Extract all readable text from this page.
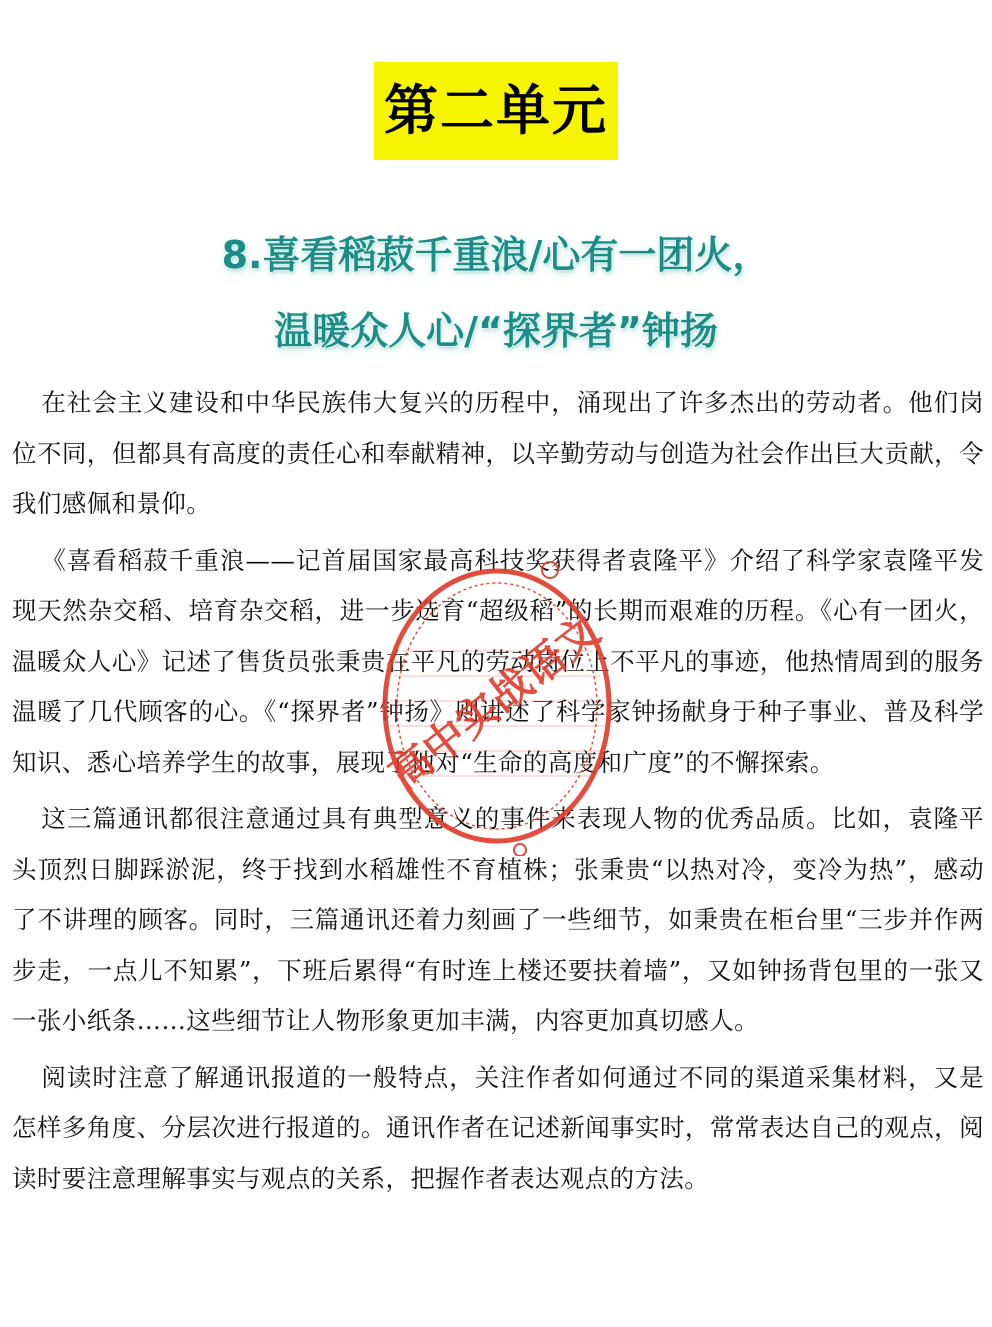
第二单元
8.喜看稻菽千重浪/心有一团火，
温暖众人心/“探界者”钟扬

在社会主义建设和中华民族伟大复兴的历程中，涌现出了许多杰出的劳动者。他们岗位不同，但都具有高度的责任心和奉献精神，以辛勤劳动与创造为社会作出巨大贡献，令我们感佩和景仰。

《喜看稻菽千重浪——记首届国家最高科技奖获得者袁隆平》介绍了科学家袁隆平发现天然杂交稻、培育杂交稻，进一步选育“超级稻”的长期而艰难的历程。《心有一团火，温暖众人心》记述了售货员张秉贵在平凡的劳动岗位上不平凡的事迹，他热情周到的服务温暖了几代顾客的心。《“探界者”钟扬》则讲述了科学家钟扬献身于种子事业、普及科学知识、悉心培养学生的故事，展现了他对“生命的高度和广度”的不懈探索。

这三篇通讯都很注意通过具有典型意义的事件来表现人物的优秀品质。比如，袁隆平头顶烈日脚踩淤泥，终于找到水稻雄性不育植株；张秉贵“以热对冷，变冷为热”，感动了不讲理的顾客。同时，三篇通讯还着力刻画了一些细节，如秉贵在柜台里“三步并作两步走，一点儿不知累”，下班后累得“有时连上楼还要扶着墙”，又如钟扬背包里的一张又一张小纸条……这些细节让人物形象更加丰满，内容更加真切感人。

阅读时注意了解通讯报道的一般特点，关注作者如何通过不同的渠道采集材料，又是怎样多角度、分层次进行报道的。通讯作者在记述新闻事实时，常常表达自己的观点，阅读时要注意理解事实与观点的关系，把握作者表达观点的方法。

高中实战语文
